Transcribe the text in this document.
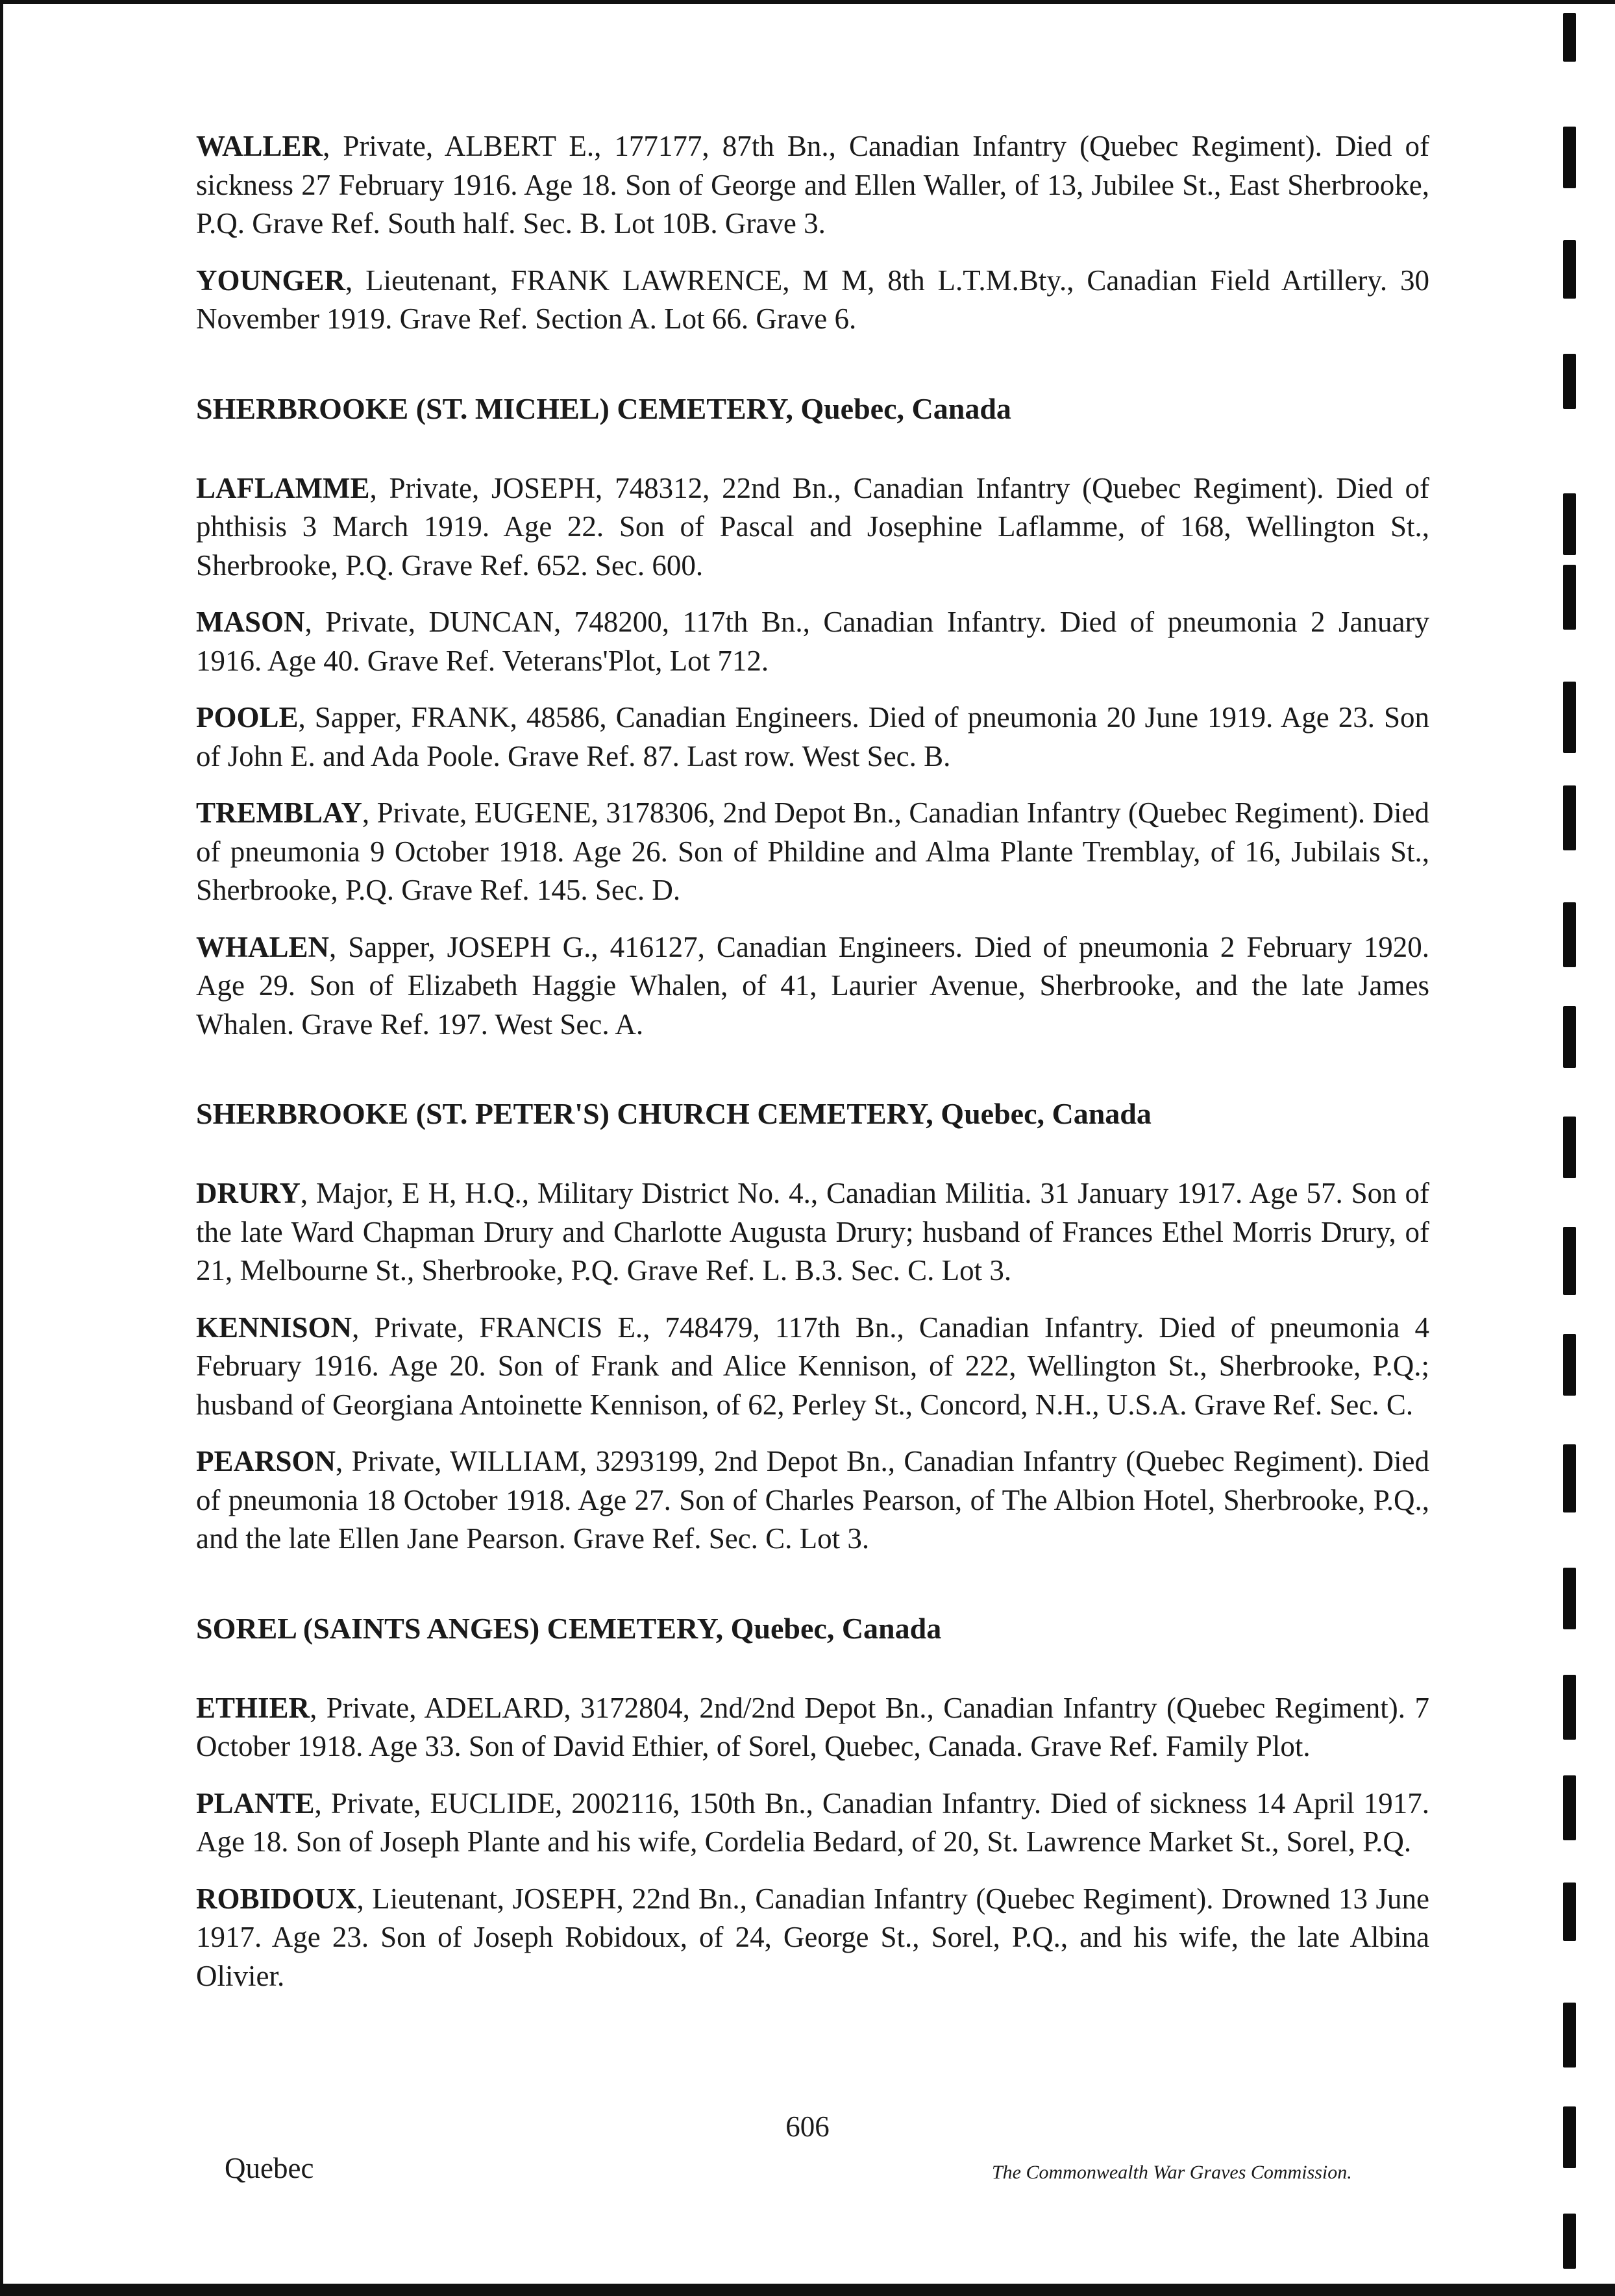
WALLER, Private, ALBERT E., 177177, 87th Bn., Canadian Infantry (Quebec Regiment). Died of sickness 27 February 1916. Age 18. Son of George and Ellen Waller, of 13, Jubilee St., East Sherbrooke, P.Q. Grave Ref. South half. Sec. B. Lot 10B. Grave 3.

YOUNGER, Lieutenant, FRANK LAWRENCE, M M, 8th L.T.M.Bty., Canadian Field Artillery. 30 November 1919. Grave Ref. Section A. Lot 66. Grave 6.

SHERBROOKE (ST. MICHEL) CEMETERY, Quebec, Canada

LAFLAMME, Private, JOSEPH, 748312, 22nd Bn., Canadian Infantry (Quebec Regiment). Died of phthisis 3 March 1919. Age 22. Son of Pascal and Josephine Laflamme, of 168, Wellington St., Sherbrooke, P.Q. Grave Ref. 652. Sec. 600.

MASON, Private, DUNCAN, 748200, 117th Bn., Canadian Infantry. Died of pneumonia 2 January 1916. Age 40. Grave Ref. Veterans'Plot, Lot 712.

POOLE, Sapper, FRANK, 48586, Canadian Engineers. Died of pneumonia 20 June 1919. Age 23. Son of John E. and Ada Poole. Grave Ref. 87. Last row. West Sec. B.

TREMBLAY, Private, EUGENE, 3178306, 2nd Depot Bn., Canadian Infantry (Quebec Regiment). Died of pneumonia 9 October 1918. Age 26. Son of Phildine and Alma Plante Tremblay, of 16, Jubilais St., Sherbrooke, P.Q. Grave Ref. 145. Sec. D.

WHALEN, Sapper, JOSEPH G., 416127, Canadian Engineers. Died of pneumonia 2 February 1920. Age 29. Son of Elizabeth Haggie Whalen, of 41, Laurier Avenue, Sherbrooke, and the late James Whalen. Grave Ref. 197. West Sec. A.

SHERBROOKE (ST. PETER'S) CHURCH CEMETERY, Quebec, Canada

DRURY, Major, E H, H.Q., Military District No. 4., Canadian Militia. 31 January 1917. Age 57. Son of the late Ward Chapman Drury and Charlotte Augusta Drury; husband of Frances Ethel Morris Drury, of 21, Melbourne St., Sherbrooke, P.Q. Grave Ref. L. B.3. Sec. C. Lot 3.

KENNISON, Private, FRANCIS E., 748479, 117th Bn., Canadian Infantry. Died of pneumonia 4 February 1916. Age 20. Son of Frank and Alice Kennison, of 222, Wellington St., Sherbrooke, P.Q.; husband of Georgiana Antoinette Kennison, of 62, Perley St., Concord, N.H., U.S.A. Grave Ref. Sec. C.

PEARSON, Private, WILLIAM, 3293199, 2nd Depot Bn., Canadian Infantry (Quebec Regiment). Died of pneumonia 18 October 1918. Age 27. Son of Charles Pearson, of The Albion Hotel, Sherbrooke, P.Q., and the late Ellen Jane Pearson. Grave Ref. Sec. C. Lot 3.

SOREL (SAINTS ANGES) CEMETERY, Quebec, Canada

ETHIER, Private, ADELARD, 3172804, 2nd/2nd Depot Bn., Canadian Infantry (Quebec Regiment). 7 October 1918. Age 33. Son of David Ethier, of Sorel, Quebec, Canada. Grave Ref. Family Plot.

PLANTE, Private, EUCLIDE, 2002116, 150th Bn., Canadian Infantry. Died of sickness 14 April 1917. Age 18. Son of Joseph Plante and his wife, Cordelia Bedard, of 20, St. Lawrence Market St., Sorel, P.Q.

ROBIDOUX, Lieutenant, JOSEPH, 22nd Bn., Canadian Infantry (Quebec Regiment). Drowned 13 June 1917. Age 23. Son of Joseph Robidoux, of 24, George St., Sorel, P.Q., and his wife, the late Albina Olivier.

606
Quebec	The Commonwealth War Graves Commission.
